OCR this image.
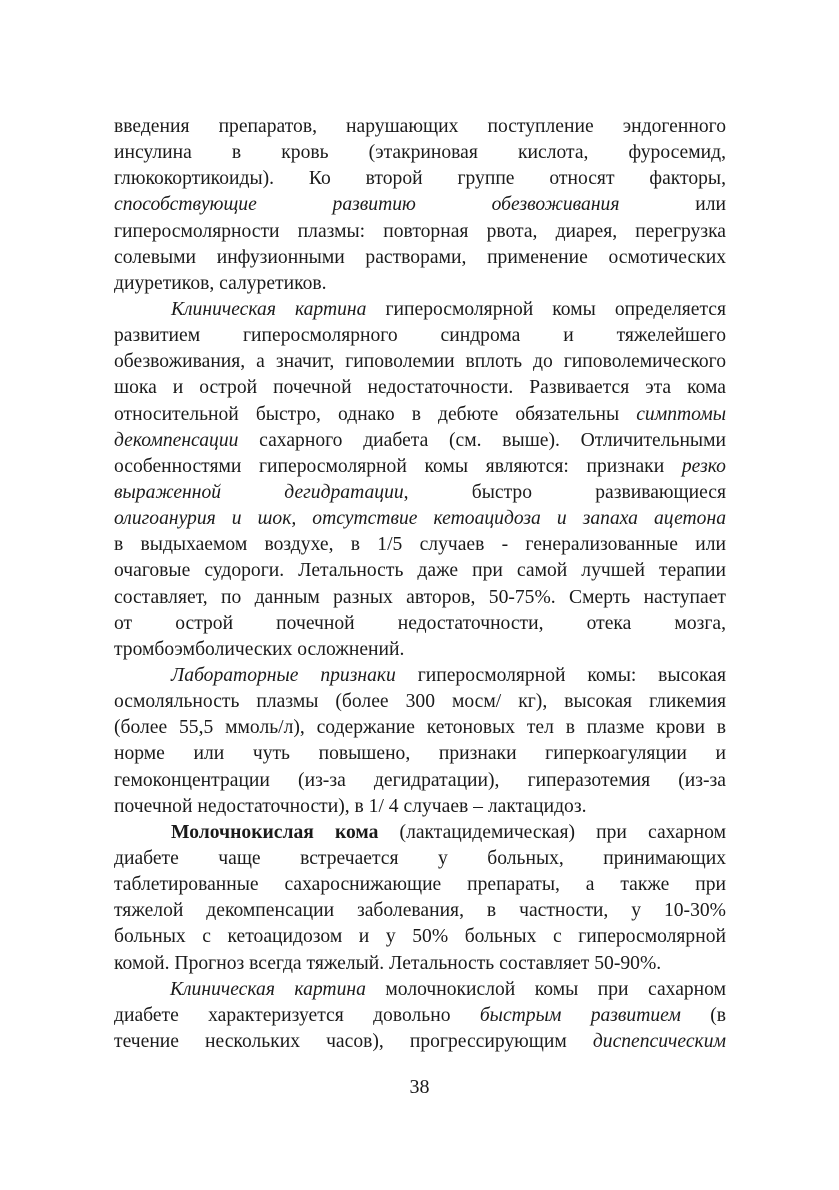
введения препаратов, нарушающих поступление эндогенного
инсулина в кровь (этакриновая кислота, фуросемид,
глюкокортикоиды). Ко второй группе относят факторы,
способствующие развитию обезвоживания	или
гиперосмолярности плазмы: повторная рвота, диарея, перегрузка
солевыми инфузионными растворами, применение осмотических
диуретиков, салуретиков.
Клиническая картина гиперосмолярной комы определяется
развитием гиперосмолярного синдрома и тяжелейшего
обезвоживания, а значит, гиповолемии вплоть до гиповолемического
шока и острой почечной недостаточности. Развивается эта кома
относительной быстро, однако в дебюте обязательны симптомы
декомпенсации сахарного диабета (см. выше). Отличительными
особенностями гиперосмолярной комы являются: признаки резко
выраженной дегидратации, быстро развивающиеся
олигоанурия и шок, отсутствие кетоацидоза и запаха ацетона
в выдыхаемом воздухе, в 1/5 случаев - генерализованные или
очаговые судороги. Летальность даже при самой лучшей терапии
составляет, по данным разных авторов, 50-75%. Смерть наступает
от острой почечной недостаточности, отека мозга,
тромбоэмболических осложнений.
Лабораторные признаки гиперосмолярной комы: высокая
осмоляльность плазмы (более 300 мосм/ кг), высокая гликемия
(более 55,5 ммоль/л), содержание кетоновых тел в плазме крови в
норме или чуть повышено, признаки гиперкоагуляции и
гемоконцентрации (из-за дегидратации), гиперазотемия (из-за
почечной недостаточности), в 1/ 4 случаев – лактацидоз.
Молочнокислая кома (лактацидемическая) при сахарном
диабете чаще встречается у больных, принимающих
таблетированные сахароснижающие препараты, а также при
тяжелой декомпенсации заболевания, в частности, у 10-30%
больных с кетоацидозом и у 50% больных с гиперосмолярной
комой. Прогноз всегда тяжелый. Летальность составляет 50-90%.
Клиническая картина молочнокислой комы при сахарном
диабете характеризуется довольно быстрым развитием (в
течение нескольких часов), прогрессирующим диспепсическим
38
